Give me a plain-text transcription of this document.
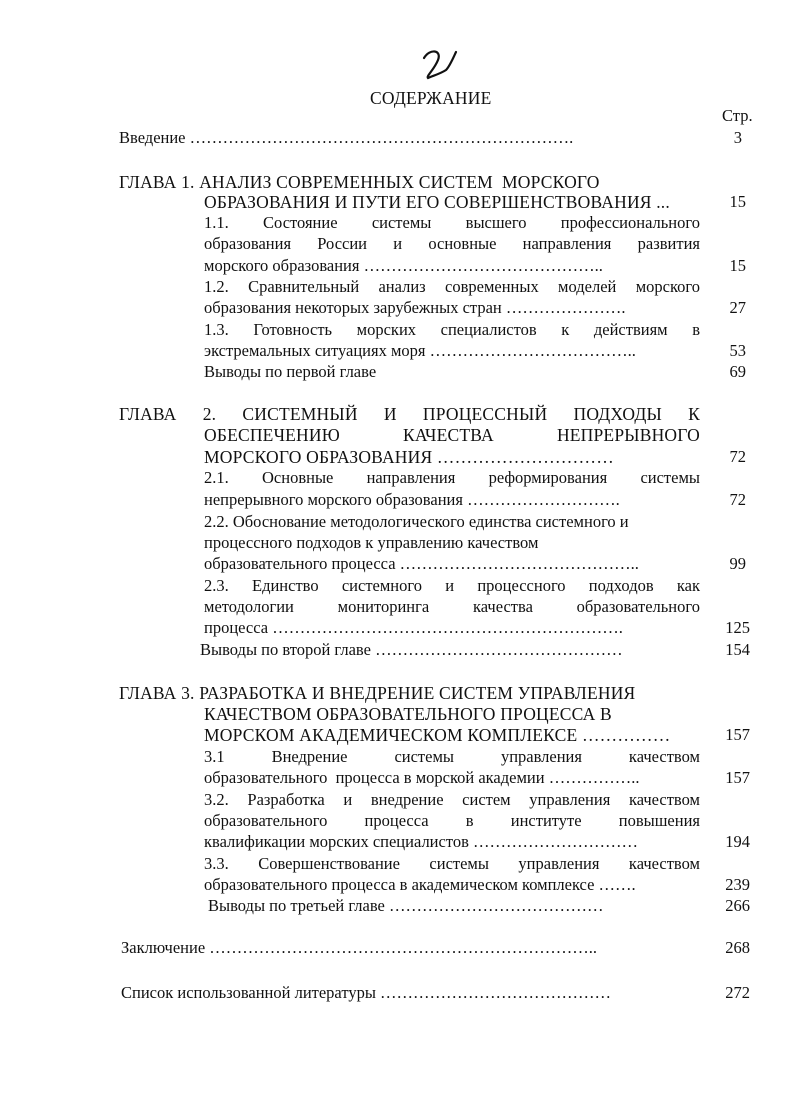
СОДЕРЖАНИЕ
Стр.
Введение …………………………………………………………….	3
ГЛАВА 1. АНАЛИЗ СОВРЕМЕННЫХ СИСТЕМ  МОРСКОГО
ОБРАЗОВАНИЯ И ПУТИ ЕГО СОВЕРШЕНСТВОВАНИЯ ...	15
1.1. Состояние системы высшего профессионального
образования России и основные направления развития
морского образования ……………………………………..	15
1.2. Сравнительный анализ современных моделей морского
образования некоторых зарубежных стран ………………….	27
1.3. Готовность морских специалистов к действиям в
экстремальных ситуациях моря ………………………………..	53
Выводы по первой главе	69
ГЛАВА 2. СИСТЕМНЫЙ И ПРОЦЕССНЫЙ ПОДХОДЫ К
ОБЕСПЕЧЕНИЮ КАЧЕСТВА НЕПРЕРЫВНОГО
МОРСКОГО ОБРАЗОВАНИЯ …………………………	72
2.1. Основные направления реформирования системы
непрерывного морского образования ……………………….	72
2.2. Обоснование методологического единства системного и
процессного подходов к управлению качеством
образовательного процесса ……………………………………..	99
2.3. Единство системного и процессного подходов как
методологии мониторинга качества образовательного
процесса ……………………………………………………….	125
Выводы по второй главе ………………………………………	154
ГЛАВА 3. РАЗРАБОТКА И ВНЕДРЕНИЕ СИСТЕМ УПРАВЛЕНИЯ
КАЧЕСТВОМ ОБРАЗОВАТЕЛЬНОГО ПРОЦЕССА В
МОРСКОМ АКАДЕМИЧЕСКОМ КОМПЛЕКСЕ ……………	157
3.1 Внедрение системы управления качеством
образовательного  процесса в морской академии ……………..	157
3.2. Разработка и внедрение систем управления качеством
образовательного процесса в институте повышения
квалификации морских специалистов …………………………	194
3.3. Совершенствование системы управления качеством
образовательного процесса в академическом комплексе …….	239
Выводы по третьей главе …………………………………	266
Заключение ……………………………………………………………..	268
Список использованной литературы ……………………………………	272
